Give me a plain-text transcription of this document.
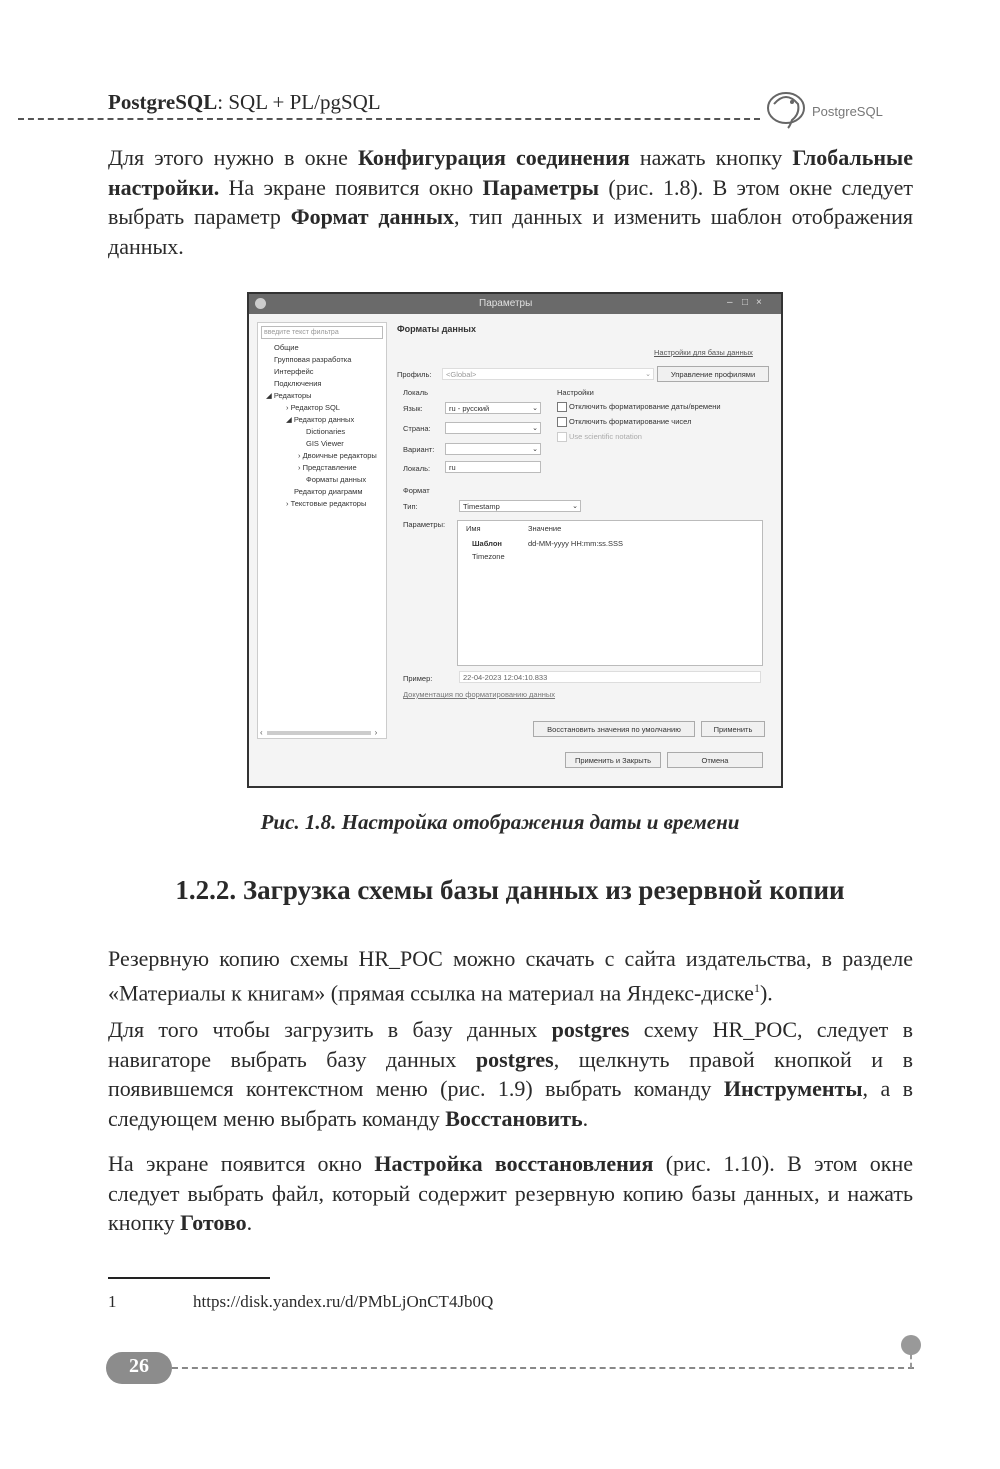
PostgreSQL: SQL + PL/pgSQL	PostgreSQL
Для этого нужно в окне Конфигурация соединения нажать кнопку Глобальные настройки. На экране появится окно Параметры (рис. 1.8). В этом окне следует выбрать параметр Формат данных, тип данных и изменить шаблон отображения данных.
Параметры	– □ ×
введите текст фильтра
Общие
Групповая разработка
Интерфейс
Подключения
◢ Редакторы
› Редактор SQL
◢ Редактор данных
Dictionaries
GIS Viewer
› Двоичные редакторы
› Представление
Форматы данных
Редактор диаграмм
› Текстовые редакторы
‹	›
Форматы данных
Настройки для базы данных
Профиль:	<Global>	⌄	Управление профилями
Локаль
Язык:	ru - русский	⌄
Страна:	⌄
Вариант:	⌄
Локаль:	ru
Настройки
Отключить форматирование даты/времени
Отключить форматирование чисел
Use scientific notation
Формат
Тип:	Timestamp	⌄
Параметры:	Имя	Значение
Шаблон	dd-MM-yyyy HH:mm:ss.SSS
Timezone
Пример:	22-04-2023 12:04:10.833
Документация по форматированию данных
Восстановить значения по умолчанию	Применить
Применить и Закрыть	Отмена
Рис. 1.8. Настройка отображения даты и времени
1.2.2. Загрузка схемы базы данных из резервной копии
Резервную копию схемы HR_POC можно скачать с сайта издательства, в разделе «Материалы к книгам» (прямая ссылка на материал на Яндекс-диске$^1$).
Для того чтобы загрузить в базу данных postgres схему HR_POC, следует в навигаторе выбрать базу данных postgres, щелкнуть правой кнопкой и в появившемся контекстном меню (рис. 1.9) выбрать команду Инструменты, а в следующем меню выбрать команду Восстановить.
На экране появится окно Настройка восстановления (рис. 1.10). В этом окне следует выбрать файл, который содержит резервную копию базы данных, и нажать кнопку Готово.
1	https://disk.yandex.ru/d/PMbLjOnCT4Jb0Q
26
